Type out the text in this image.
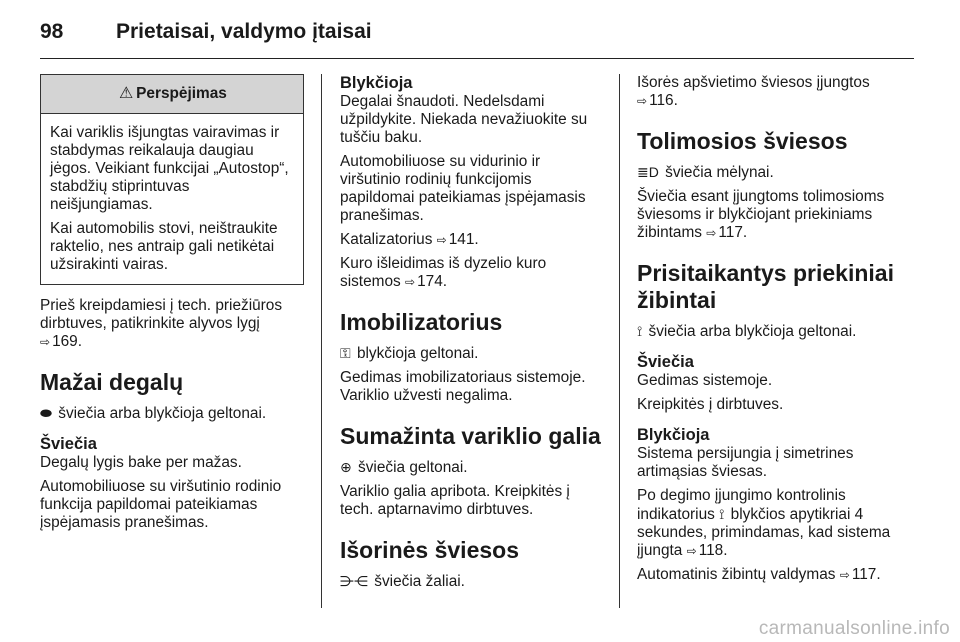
98	Prietaisai, valdymo įtaisai
⚠ Perspėjimas

Kai variklis išjungtas vairavimas ir stabdymas reikalauja daugiau jėgos. Veikiant funkcijai „Autostop“, stabdžių stiprintuvas neišjungiamas.

Kai automobilis stovi, neištraukite raktelio, nes antraip gali netikėtai užsirakinti vairas.

Prieš kreipdamiesi į tech. priežiūros dirbtuves, patikrinkite alyvos lygį
⇨ 169.

Mažai degalų

⬬ šviečia arba blykčioja geltonai.

Šviečia

Degalų lygis bake per mažas.

Automobiliuose su viršutinio rodinio funkcija papildomai pateikiamas įspėjamasis pranešimas.

Blykčioja

Degalai šnaudoti. Nedelsdami užpildykite. Niekada nevažiuokite su tuščiu baku.

Automobiliuose su vidurinio ir viršutinio rodinių funkcijomis papildomai pateikiamas įspėjamasis pranešimas.

Katalizatorius ⇨ 141.

Kuro išleidimas iš dyzelio kuro sistemos ⇨ 174.

Imobilizatorius

⚿ blykčioja geltonai.

Gedimas imobilizatoriaus sistemoje. Variklio užvesti negalima.

Sumažinta variklio galia

⊕ šviečia geltonai.

Variklio galia apribota. Kreipkitės į tech. aptarnavimo dirbtuves.

Išorinės šviesos

⋺⋲ šviečia žaliai.

Išorės apšvietimo šviesos įjungtos
⇨ 116.

Tolimosios šviesos

≣D šviečia mėlynai.

Šviečia esant įjungtoms tolimosioms šviesoms ir blykčiojant priekiniams žibintams ⇨ 117.

Prisitaikantys priekiniai žibintai

⟟ šviečia arba blykčioja geltonai.

Šviečia

Gedimas sistemoje.

Kreipkitės į dirbtuves.

Blykčioja

Sistema persijungia į simetrines artimąsias šviesas.

Po degimo įjungimo kontrolinis indikatorius ⟟ blykčios apytikriai 4 sekundes, primindamas, kad sistema įjungta ⇨ 118.

Automatinis žibintų valdymas ⇨ 117.

carmanualsonline.info
